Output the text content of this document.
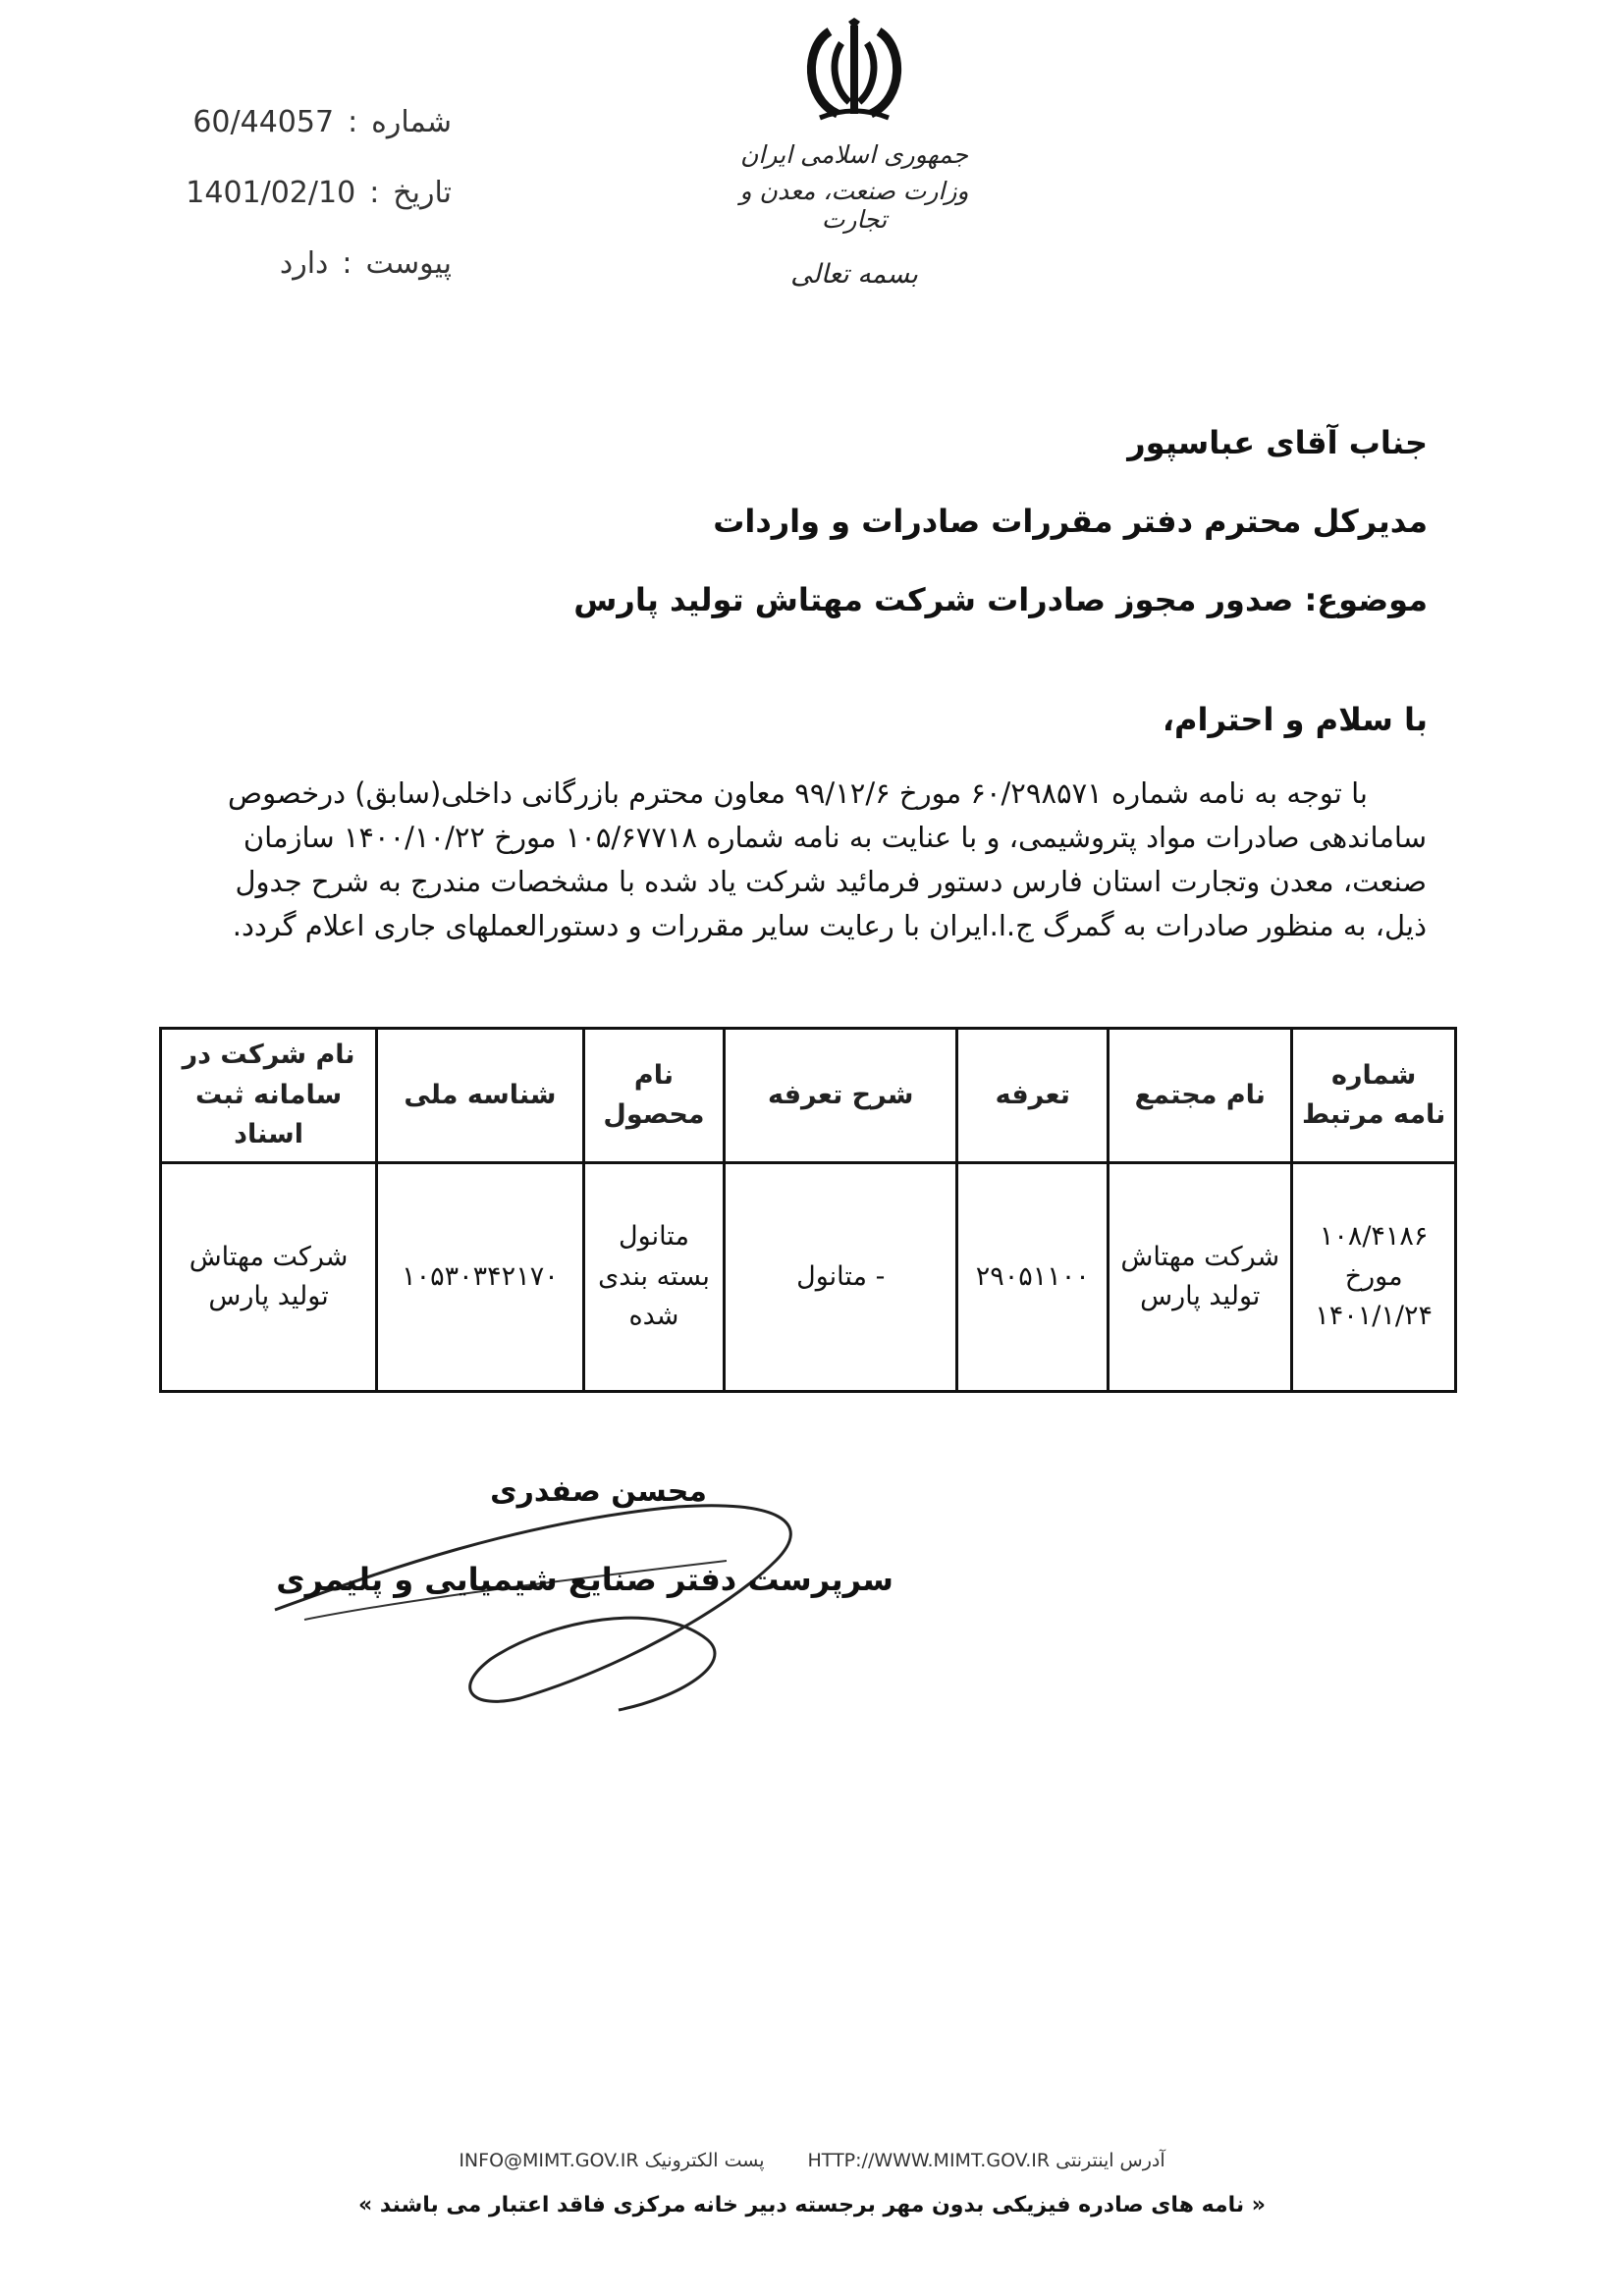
60/44057 : شماره
1401/02/10 : تاریخ
دارد : پیوست
جمهوری اسلامی ایران
وزارت صنعت، معدن و تجارت
بسمه تعالی
جناب آقای عباسپور
مدیرکل محترم دفتر مقررات صادرات و واردات
موضوع: صدور مجوز صادرات شرکت مهتاش تولید پارس
با سلام و احترام،
با توجه به نامه شماره ۶۰/۲۹۸۵۷۱ مورخ ۹۹/۱۲/۶ معاون محترم بازرگانی داخلی(سابق) درخصوص
ساماندهی صادرات مواد پتروشیمی، و با عنایت به نامه شماره ۱۰۵/۶۷۷۱۸ مورخ ۱۴۰۰/۱۰/۲۲ سازمان
صنعت، معدن وتجارت استان فارس دستور فرمائید شرکت یاد شده با مشخصات مندرج به شرح جدول
ذیل، به منظور صادرات به گمرگ ج.ا.ایران با رعایت سایر مقررات و دستورالعملهای جاری اعلام گردد.
شماره نامه مرتبط	نام مجتمع	تعرفه	شرح تعرفه	نام محصول	شناسه ملی	نام شرکت در سامانه ثبت اسناد
۱۰۸/۴۱۸۶ مورخ ۱۴۰۱/۱/۲۴	شرکت مهتاش تولید پارس	۲۹۰۵۱۱۰۰	- متانول	متانول بسته بندی شده	۱۰۵۳۰۳۴۲۱۷۰	شرکت مهتاش تولید پارس
محسن صفدری
سرپرست دفتر صنایع شیمیایی و پلیمری
INFO@MIMT.GOV.IR پست الکترونیک HTTP://WWW.MIMT.GOV.IR آدرس اینترنتی
« نامه های صادره فیزیکی بدون مهر برجسته دبیر خانه مرکزی فاقد اعتبار می باشند »
